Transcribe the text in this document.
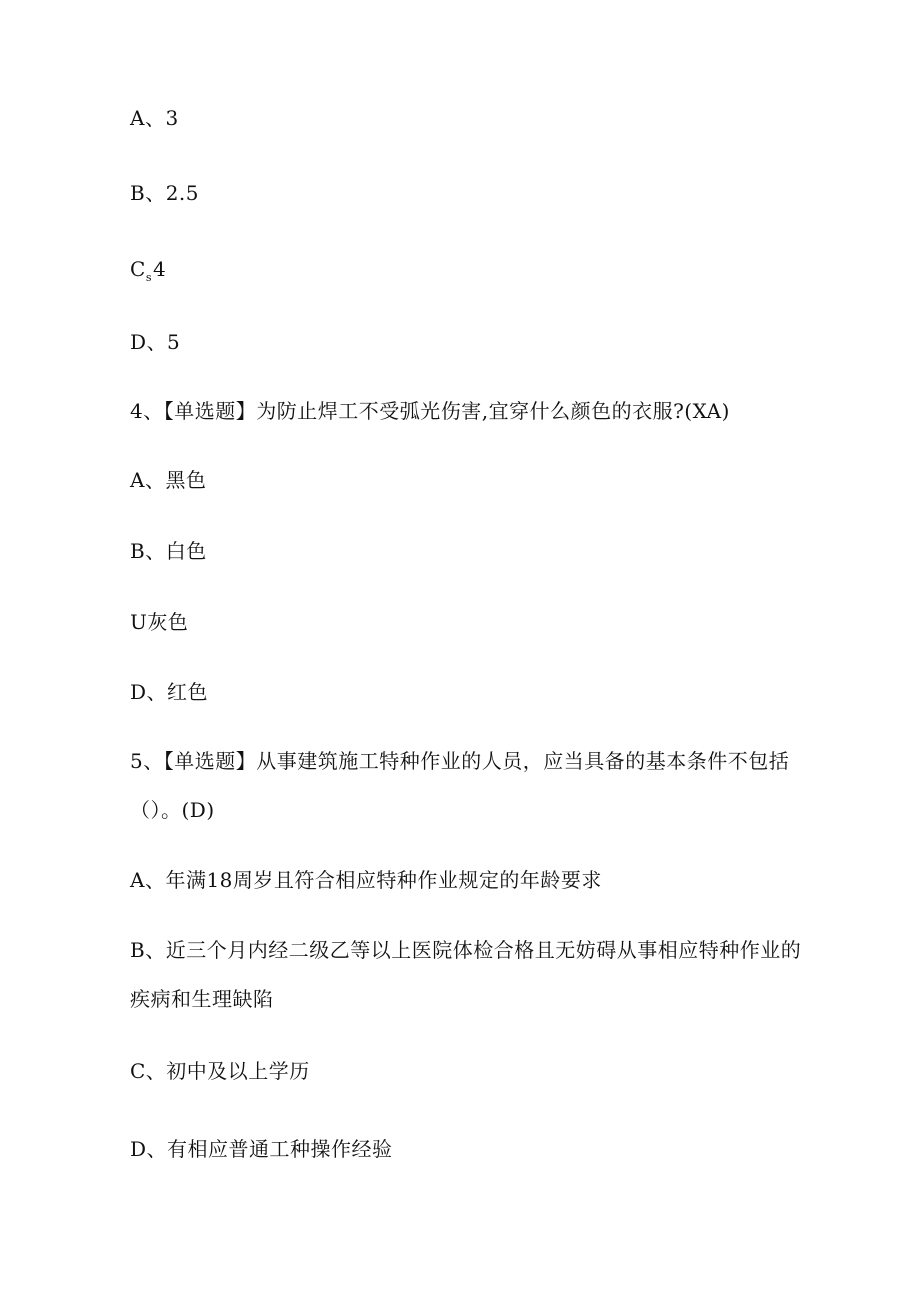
A、3
B、2.5
$C_s4$
D、5
4、【单选题】为防止焊工不受弧光伤害,宜穿什么颜色的衣服?(XA)
A、黑色
B、白色
U灰色
D、红色
5、【单选题】从事建筑施工特种作业的人员，应当具备的基本条件不包括
（）。(D)
A、年满18周岁且符合相应特种作业规定的年龄要求
B、近三个月内经二级乙等以上医院体检合格且无妨碍从事相应特种作业的
疾病和生理缺陷
C、初中及以上学历
D、有相应普通工种操作经验
